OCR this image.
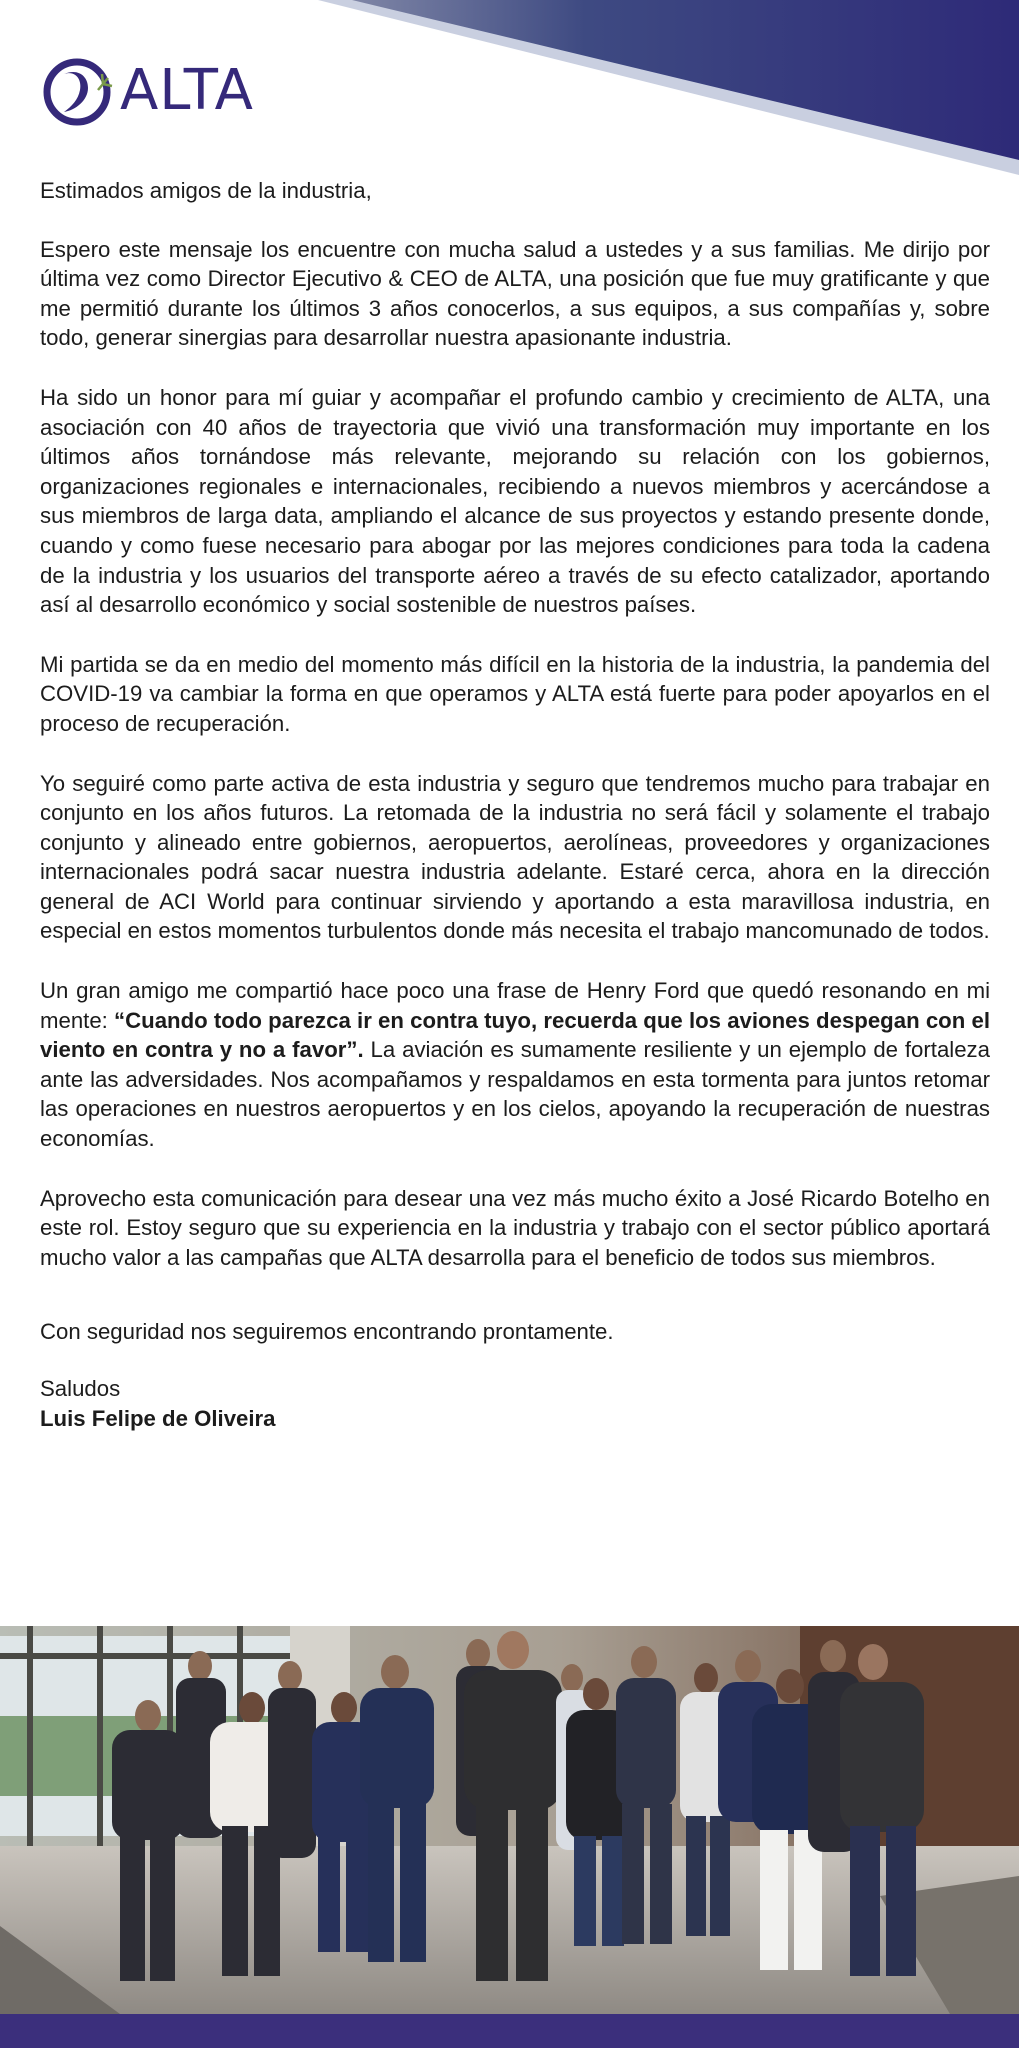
ALTA

Estimados amigos de la industria,

Espero este mensaje los encuentre con mucha salud a ustedes y a sus familias. Me dirijo por última vez como Director Ejecutivo & CEO de ALTA, una posición que fue muy gratificante y que me permitió durante los últimos 3 años conocerlos, a sus equipos, a sus compañías y, sobre todo, generar sinergias para desarrollar nuestra apasionante industria.

Ha sido un honor para mí guiar y acompañar el profundo cambio y crecimiento de ALTA, una asociación con 40 años de trayectoria que vivió una transformación muy importante en los últimos años tornándose más relevante, mejorando su relación con los gobiernos, organizaciones regionales e internacionales, recibiendo a nuevos miembros y acercándose a sus miembros de larga data, ampliando el alcance de sus proyectos y estando presente donde, cuando y como fuese necesario para abogar por las mejores condiciones para toda la cadena de la industria y los usuarios del transporte aéreo a través de su efecto catalizador, aportando así al desarrollo económico y social sostenible de nuestros países.

Mi partida se da en medio del momento más difícil en la historia de la industria, la pandemia del COVID-19 va cambiar la forma en que operamos y ALTA está fuerte para poder apoyarlos en el proceso de recuperación.

Yo seguiré como parte activa de esta industria y seguro que tendremos mucho para trabajar en conjunto en los años futuros. La retomada de la industria no será fácil y solamente el trabajo conjunto y alineado entre gobiernos, aeropuertos, aerolíneas, proveedores y organizaciones internacionales podrá sacar nuestra industria adelante. Estaré cerca, ahora en la dirección general de ACI World para continuar sirviendo y aportando a esta maravillosa industria, en especial en estos momentos turbulentos donde más necesita el trabajo mancomunado de todos.

Un gran amigo me compartió hace poco una frase de Henry Ford que quedó resonando en mi mente: “Cuando todo parezca ir en contra tuyo, recuerda que los aviones despegan con el viento en contra y no a favor”. La aviación es sumamente resiliente y un ejemplo de fortaleza ante las adversidades. Nos acompañamos y respaldamos en esta tormenta para juntos retomar las operaciones en nuestros aeropuertos y en los cielos, apoyando la recuperación de nuestras economías.

Aprovecho esta comunicación para desear una vez más mucho éxito a José Ricardo Botelho en este rol. Estoy seguro que su experiencia en la industria y trabajo con el sector público aportará mucho valor a las campañas que ALTA desarrolla para el beneficio de todos sus miembros.

Con seguridad nos seguiremos encontrando prontamente.

Saludos

Luis Felipe de Oliveira
